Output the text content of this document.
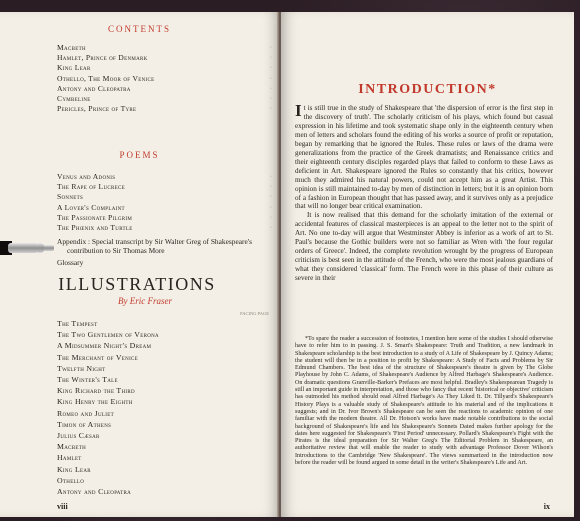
CONTENTS
Macbeth	·
Hamlet, Prince of Denmark	·
King Lear	·
Othello, The Moor of Venice	·
Antony and Cleopatra	·
Cymbeline	·
Pericles, Prince of Tyre	·
POEMS
Venus and Adonis	·
The Rape of Lucrece	·
Sonnets	·
A Lover's Complaint	·
The Passionate Pilgrim	·
The Phœnix and Turtle	·
Appendix : Special transcript by Sir Walter Greg of Shakespeare's
contribution to Sir Thomas More
Glossary
ILLUSTRATIONS
By Eric Fraser
FACING PAGE
The Tempest
The Two Gentlemen of Verona
A Midsummer Night's Dream
The Merchant of Venice
Twelfth Night
The Winter's Tale
King Richard the Third
King Henry the Eighth
Romeo and Juliet
Timon of Athens
Julius Cæsar
Macbeth
Hamlet
King Lear
Othello
Antony and Cleopatra
viii
INTRODUCTION*

It is still true in the study of Shakespeare that 'the dispersion of error is the first step in the discovery of truth'. The scholarly criticism of his plays, which found but casual expression in his lifetime and took systematic shape only in the eighteenth century when men of letters and scholars found the editing of his works a source of profit or reputation, began by remarking that he ignored the Rules. These rules or laws of the drama were generalizations from the practice of the Greek dramatists; and Renaissance critics and their eighteenth century disciples regarded plays that failed to conform to these Laws as deficient in Art. Shakespeare ignored the Rules so constantly that his critics, however much they admired his natural powers, could not accept him as a great Artist. This opinion is still maintained to-day by men of distinction in letters; but it is an opinion born of a fashion in European thought that has passed away, and it survives only as a prejudice that will no longer bear critical examination.

It is now realised that this demand for the scholarly imitation of the external or accidental features of classical masterpieces is an appeal to the letter not to the spirit of Art. No one to-day will argue that Westminster Abbey is inferior as a work of art to St. Paul's because the Gothic builders were not so familiar as Wren with 'the four regular orders of Greece'. Indeed, the complete revolution wrought by the progress of European criticism is best seen in the attitude of the French, who were the most jealous guardians of what they considered 'classical' form. The French were in this phase of their culture as severe in their

*To spare the reader a succession of footnotes, I mention here some of the studies I should otherwise have to refer him to in passing. J. S. Smart's Shakespeare: Truth and Tradition, a new landmark in Shakespeare scholarship is the best introduction to a study of A Life of Shakespeare by J. Quincy Adams; the student will then be in a position to profit by Shakespeare: A Study of Facts and Problems by Sir Edmund Chambers. The best idea of the structure of Shakespeare's theatre is given by The Globe Playhouse by John C. Adams, of Shakespeare's Audience by Alfred Harbage's Shakespeare's Audience. On dramatic questions Granville-Barker's Prefaces are most helpful. Bradley's Shakespearean Tragedy is still an important guide in interpretation, and those who fancy that recent 'historical or objective' criticism has outmoded his method should read Alfred Harbage's As They Liked It. Dr. Tillyard's Shakespeare's History Plays is a valuable study of Shakespeare's attitude to his material and of the implications it suggests; and in Dr. Ivor Brown's Shakespeare can be seen the reactions to academic opinion of one familiar with the modern theatre. All Dr. Hotson's works have made notable contributions to the social background of Shakespeare's life and his Shakespeare's Sonnets Dated makes further apology for the dates here suggested for Shakespeare's 'First Period' unnecessary. Pollard's Shakespeare's Fight with the Pirates is the ideal preparation for Sir Walter Greg's The Editorial Problem in Shakespeare, an authoritative review that will enable the reader to study with advantage Professor Dover Wilson's Introductions to the Cambridge 'New Shakespeare'. The views summarized in the introduction now before the reader will be found argued in some detail in the writer's Shakespeare's Life and Art.

ix
